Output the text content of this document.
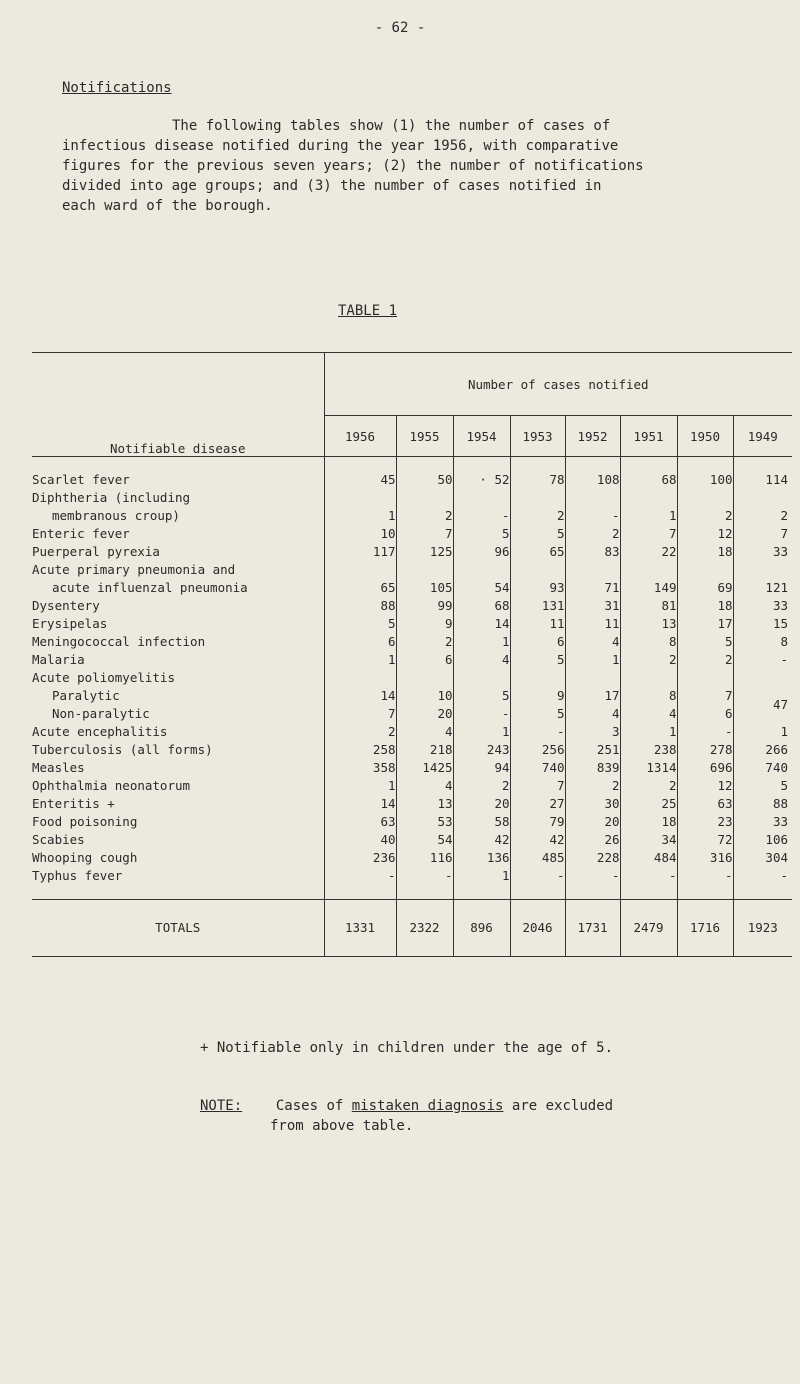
- 62 -
Notifications

The following tables show (1) the number of cases of

infectious disease notified during the year 1956, with comparative

figures for the previous seven years; (2) the number of notifications

divided into age groups; and (3) the number of cases notified in

each ward of the borough.

TABLE 1
Notifiable disease	Number of cases notified							
	1956	1955	1954	1953	1952	1951	1950	1949

Scarlet fever	45	50	· 52	78	108	68	100	114
Diphtheria (including								
membranous croup)	1	2	-	2	-	1	2	2
Enteric fever	10	7	5	5	2	7	12	7
Puerperal pyrexia	117	125	96	65	83	22	18	33
Acute primary pneumonia and								
acute influenzal pneumonia	65	105	54	93	71	149	69	121
Dysentery	88	99	68	131	31	81	18	33
Erysipelas	5	9	14	11	11	13	17	15
Meningococcal infection	6	2	1	6	4	8	5	8
Malaria	1	6	4	5	1	2	2	-
Acute poliomyelitis								
Paralytic	14	10	5	9	17	8	7	47
Non-paralytic	7	20	-	5	4	4	6	
Acute encephalitis	2	4	1	-	3	1	-	1
Tuberculosis (all forms)	258	218	243	256	251	238	278	266
Measles	358	1425	94	740	839	1314	696	740
Ophthalmia neonatorum	1	4	2	7	2	2	12	5
Enteritis +	14	13	20	27	30	25	63	88
Food poisoning	63	53	58	79	20	18	23	33
Scabies	40	54	42	42	26	34	72	106
Whooping cough	236	116	136	485	228	484	316	304
Typhus fever	-	-	1	-	-	-	-	-

TOTALS	1331	2322	896	2046	1731	2479	1716	1923
+ Notifiable only in children under the age of 5.
NOTE: Cases of mistaken diagnosis are excluded
from above table.
